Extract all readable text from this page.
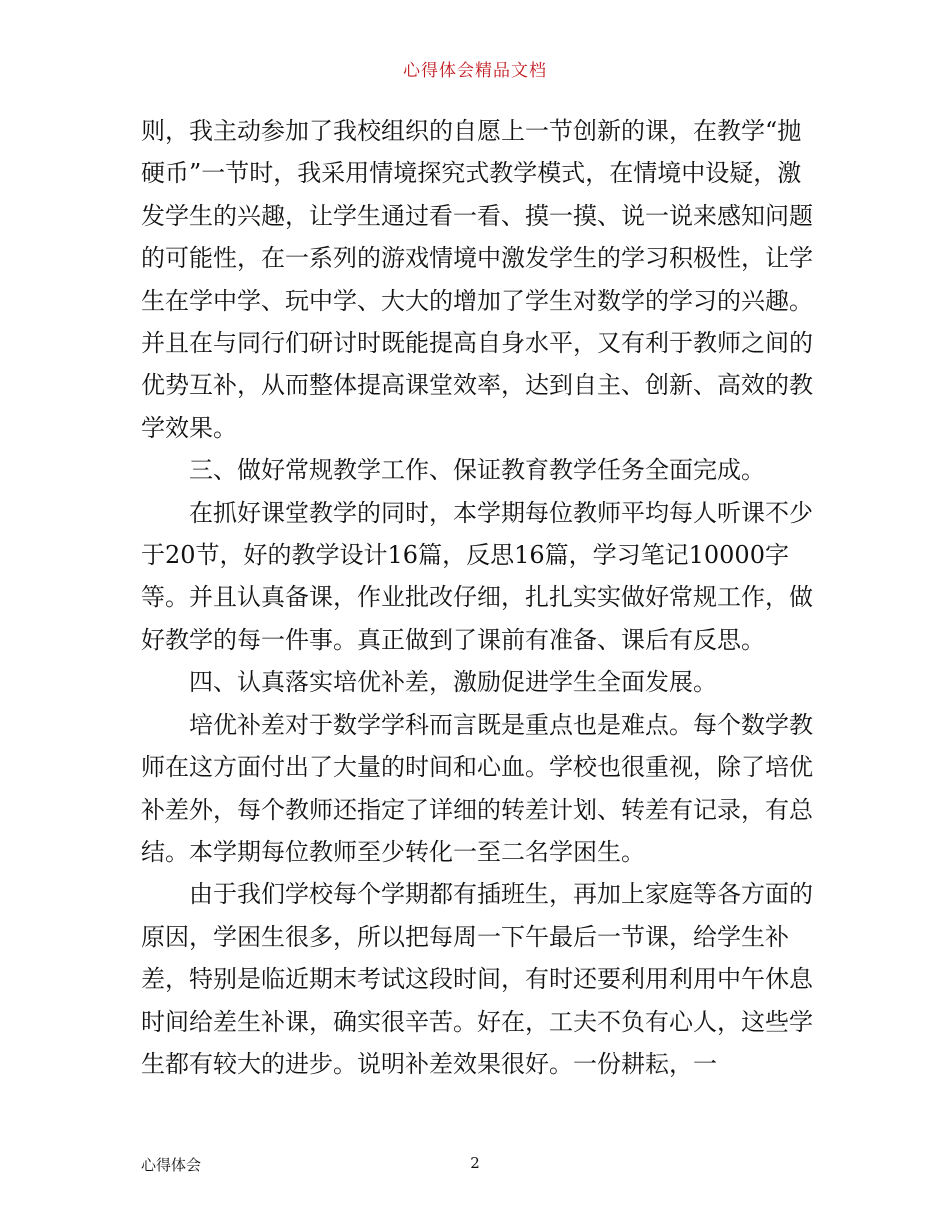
心得体会精品文档

则，我主动参加了我校组织的自愿上一节创新的课，在教学“抛硬币”一节时，我采用情境探究式教学模式，在情境中设疑，激发学生的兴趣，让学生通过看一看、摸一摸、说一说来感知问题的可能性，在一系列的游戏情境中激发学生的学习积极性，让学生在学中学、玩中学、大大的增加了学生对数学的学习的兴趣。并且在与同行们研讨时既能提高自身水平，又有利于教师之间的优势互补，从而整体提高课堂效率，达到自主、创新、高效的教学效果。

三、做好常规教学工作、保证教育教学任务全面完成。

在抓好课堂教学的同时，本学期每位教师平均每人听课不少于20节，好的教学设计16篇，反思16篇，学习笔记10000字等。并且认真备课，作业批改仔细，扎扎实实做好常规工作，做好教学的每一件事。真正做到了课前有准备、课后有反思。

四、认真落实培优补差，激励促进学生全面发展。

培优补差对于数学学科而言既是重点也是难点。每个数学教师在这方面付出了大量的时间和心血。学校也很重视，除了培优补差外，每个教师还指定了详细的转差计划、转差有记录，有总结。本学期每位教师至少转化一至二名学困生。

由于我们学校每个学期都有插班生，再加上家庭等各方面的原因，学困生很多，所以把每周一下午最后一节课，给学生补差，特别是临近期末考试这段时间，有时还要利用利用中午休息时间给差生补课，确实很辛苦。好在，工夫不负有心人，这些学生都有较大的进步。说明补差效果很好。一份耕耘，一

心得体会	2
